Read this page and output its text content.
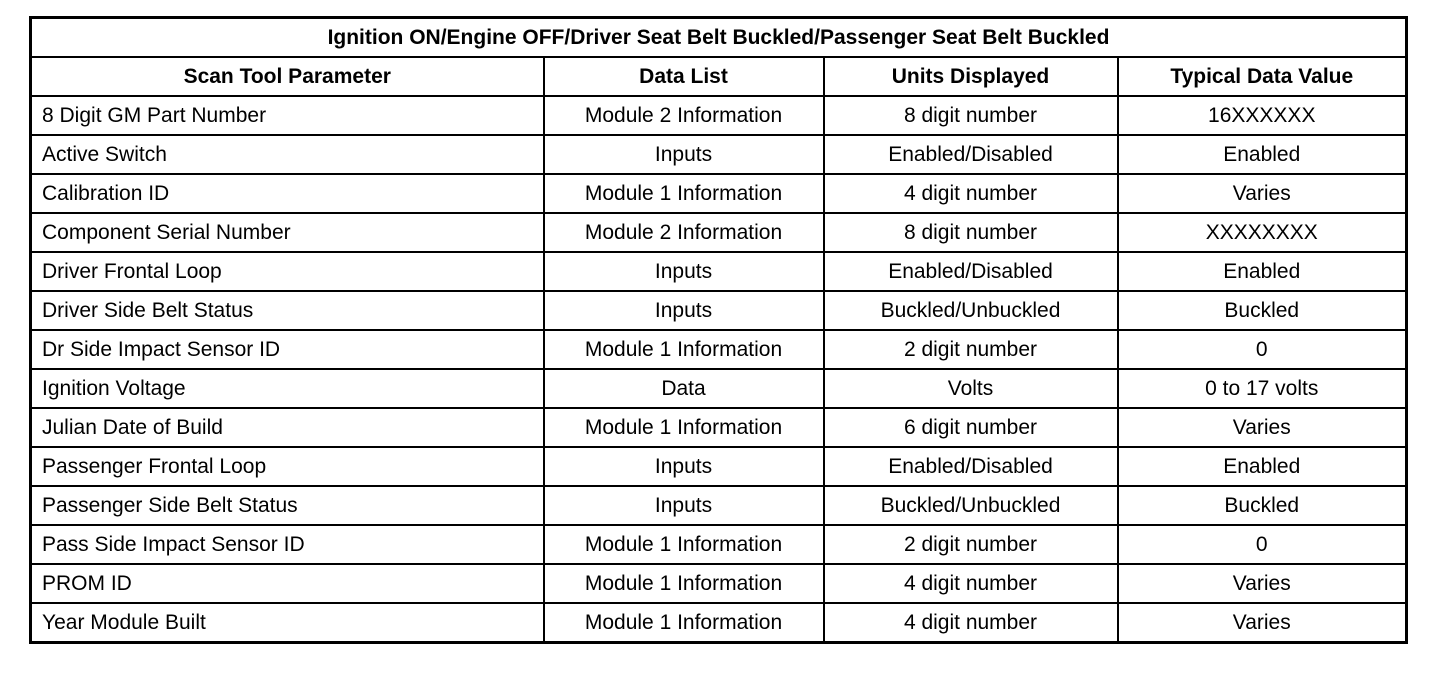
Ignition ON/Engine OFF/Driver Seat Belt Buckled/Passenger Seat Belt Buckled			
Scan Tool Parameter	Data List	Units Displayed	Typical Data Value
8 Digit GM Part Number	Module 2 Information	8 digit number	16XXXXXX
Active Switch	Inputs	Enabled/Disabled	Enabled
Calibration ID	Module 1 Information	4 digit number	Varies
Component Serial Number	Module 2 Information	8 digit number	XXXXXXXX
Driver Frontal Loop	Inputs	Enabled/Disabled	Enabled
Driver Side Belt Status	Inputs	Buckled/Unbuckled	Buckled
Dr Side Impact Sensor ID	Module 1 Information	2 digit number	0
Ignition Voltage	Data	Volts	0 to 17 volts
Julian Date of Build	Module 1 Information	6 digit number	Varies
Passenger Frontal Loop	Inputs	Enabled/Disabled	Enabled
Passenger Side Belt Status	Inputs	Buckled/Unbuckled	Buckled
Pass Side Impact Sensor ID	Module 1 Information	2 digit number	0
PROM ID	Module 1 Information	4 digit number	Varies
Year Module Built	Module 1 Information	4 digit number	Varies
